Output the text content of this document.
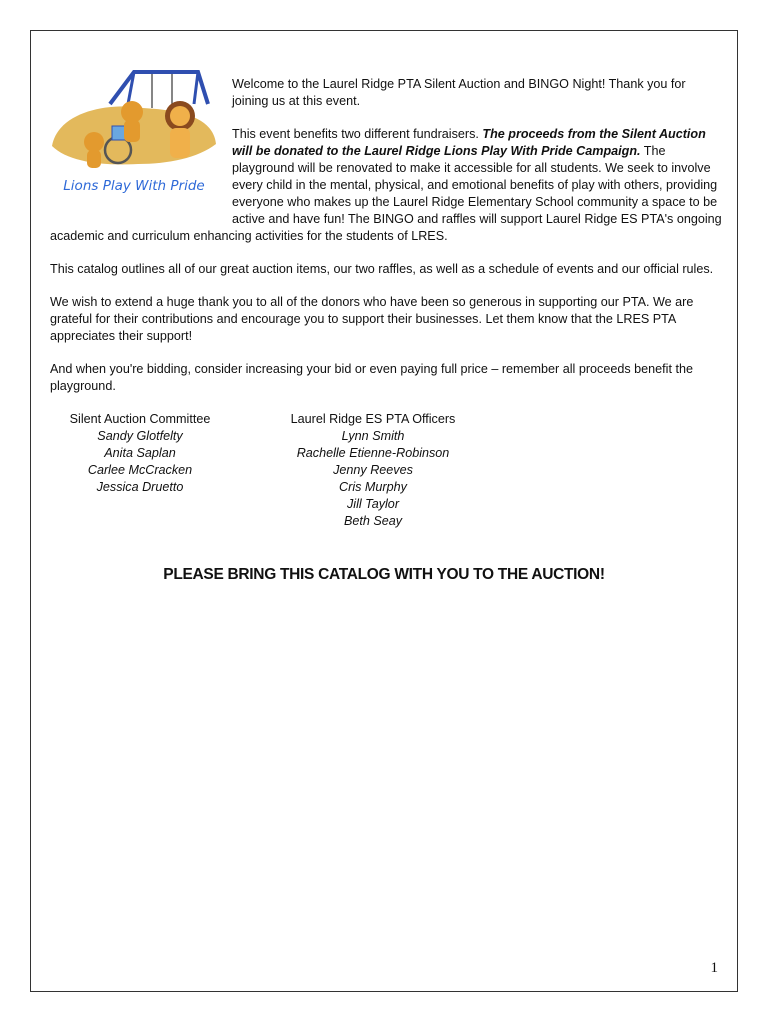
Lions Play With Pride

Welcome to the Laurel Ridge PTA Silent Auction and BINGO Night! Thank you for joining us at this event.

This event benefits two different fundraisers. The proceeds from the Silent Auction will be donated to the Laurel Ridge Lions Play With Pride Campaign. The playground will be renovated to make it accessible for all students. We seek to involve every child in the mental, physical, and emotional benefits of play with others, providing everyone who makes up the Laurel Ridge Elementary School community a space to be active and have fun! The BINGO and raffles will support Laurel Ridge ES PTA's ongoing academic and curriculum enhancing activities for the students of LRES.

This catalog outlines all of our great auction items, our two raffles, as well as a schedule of events and our official rules.

We wish to extend a huge thank you to all of the donors who have been so generous in supporting our PTA. We are grateful for their contributions and encourage you to support their businesses. Let them know that the LRES PTA appreciates their support!

And when you're bidding, consider increasing your bid or even paying full price – remember all proceeds benefit the playground.

Silent Auction Committee
Sandy Glotfelty
Anita Saplan
Carlee McCracken
Jessica Druetto
Laurel Ridge ES PTA Officers
Lynn Smith
Rachelle Etienne-Robinson
Jenny Reeves
Cris Murphy
Jill Taylor
Beth Seay
PLEASE BRING THIS CATALOG WITH YOU TO THE AUCTION!
1
